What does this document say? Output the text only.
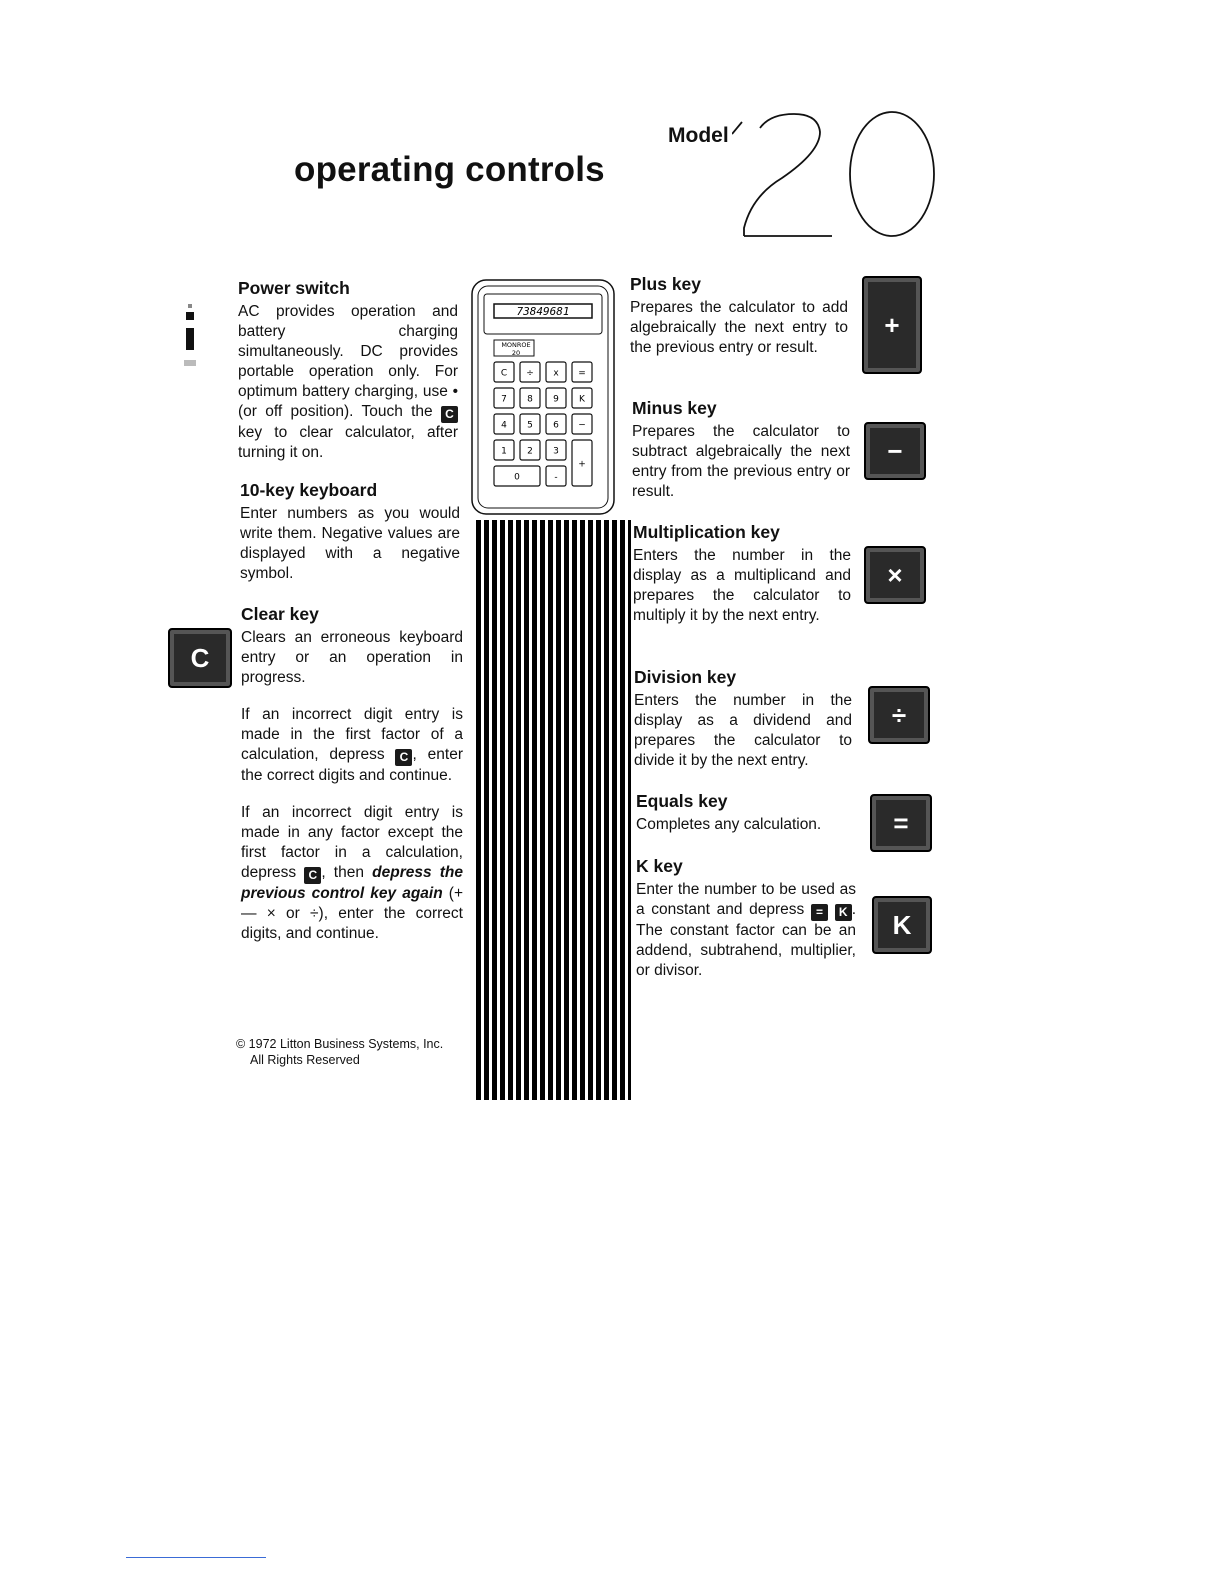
operating controls
Model
Power switch
AC provides operation and battery charging simultaneously. DC provides portable operation only. For optimum battery charging, use • (or off position). Touch the C key to clear calculator, after turning it on.
10-key keyboard
Enter numbers as you would write them. Negative values are displayed with a negative symbol.
C
Clear key
Clears an erroneous keyboard entry or an operation in progress.
If an incorrect digit entry is made in the first factor of a calculation, depress C , enter the correct digits and continue.
If an incorrect digit entry is made in any factor except the first factor in a calculation, depress C , then depress the previous control key again (+ — × or ÷), enter the correct digits, and continue.
© 1972 Litton Business Systems, Inc.
All Rights Reserved
73849681
MONROE
20
C ÷ x =
7 8 9 K
4 5 6 −
1 2 3
+
0	-
Plus key
Prepares the calculator to add algebraically the next entry to the previous entry or result.
+
Minus key
Prepares the calculator to subtract algebraically the next entry from the previous entry or result.
−
Multiplication key
Enters the number in the display as a multiplicand and prepares the calculator to multiply it by the next entry.
×
Division key
Enters the number in the display as a dividend and prepares the calculator to divide it by the next entry.
÷
Equals key
Completes any calculation.	=
K key
Enter the number to be used as a constant and depress = K . The constant factor can be an addend, subtrahend, multiplier, or divisor.
K
